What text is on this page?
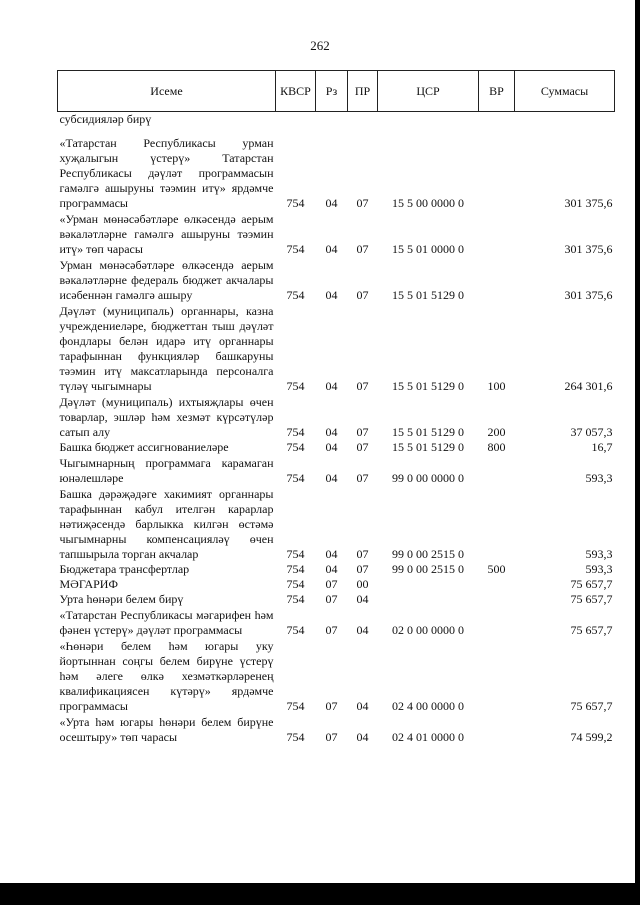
262
Исеме	КВСР	Рз	ПР	ЦСР	ВР	Суммасы
субсидияләр бирү						
«Татарстан Республикасы урман хуҗалыгын үстерү» Татарстан Республикасы дәүләт программасын гамәлгә ашыруны тәэмин итү» ярдәмче программасы	754	04	07	15 5 00 0000 0		301 375,6
«Урман мөнәсәбәтләре өлкәсендә аерым вәкаләтләрне гамәлгә ашыруны тәэмин итү» төп чарасы	754	04	07	15 5 01 0000 0		301 375,6
Урман мөнәсәбәтләре өлкәсендә аерым вәкаләтләрне федераль бюджет акчалары исәбеннән гамәлгә ашыру	754	04	07	15 5 01 5129 0		301 375,6
Дәүләт (муниципаль) органнары, казна учреждениеләре, бюджеттан тыш дәүләт фондлары белән идарә итү органнары тарафыннан функцияләр башкаруны тәэмин итү максатларында персоналга түләү чыгымнары	754	04	07	15 5 01 5129 0	100	264 301,6
Дәүләт (муниципаль) ихтыяҗлары өчен товарлар, эшләр һәм хезмәт күрсәтүләр сатып алу	754	04	07	15 5 01 5129 0	200	37 057,3
Башка бюджет ассигнованиеләре	754	04	07	15 5 01 5129 0	800	16,7
Чыгымнарның программага карамаган юнәлешләре	754	04	07	99 0 00 0000 0		593,3
Башка дәрәҗәдәге хакимият органнары тарафыннан кабул ителгән карарлар нәтиҗәсендә барлыкка килгән өстәмә чыгымнарны компенсацияләү өчен тапшырыла торган акчалар	754	04	07	99 0 00 2515 0		593,3
Бюджетара трансфертлар	754	04	07	99 0 00 2515 0	500	593,3
МӘГАРИФ	754	07	00			75 657,7
Урта һөнәри белем бирү	754	07	04			75 657,7
«Татарстан Республикасы мәгарифен һәм фәнен үстерү» дәүләт программасы	754	07	04	02 0 00 0000 0		75 657,7
«Һөнәри белем һәм югары уку йортыннан соңгы белем бирүне үстерү һәм әлеге өлкә хезмәткәрләренең квалификациясен күтәрү» ярдәмче программасы	754	07	04	02 4 00 0000 0		75 657,7
«Урта һәм югары һөнәри белем бирүне осештыру» төп чарасы	754	07	04	02 4 01 0000 0		74 599,2
